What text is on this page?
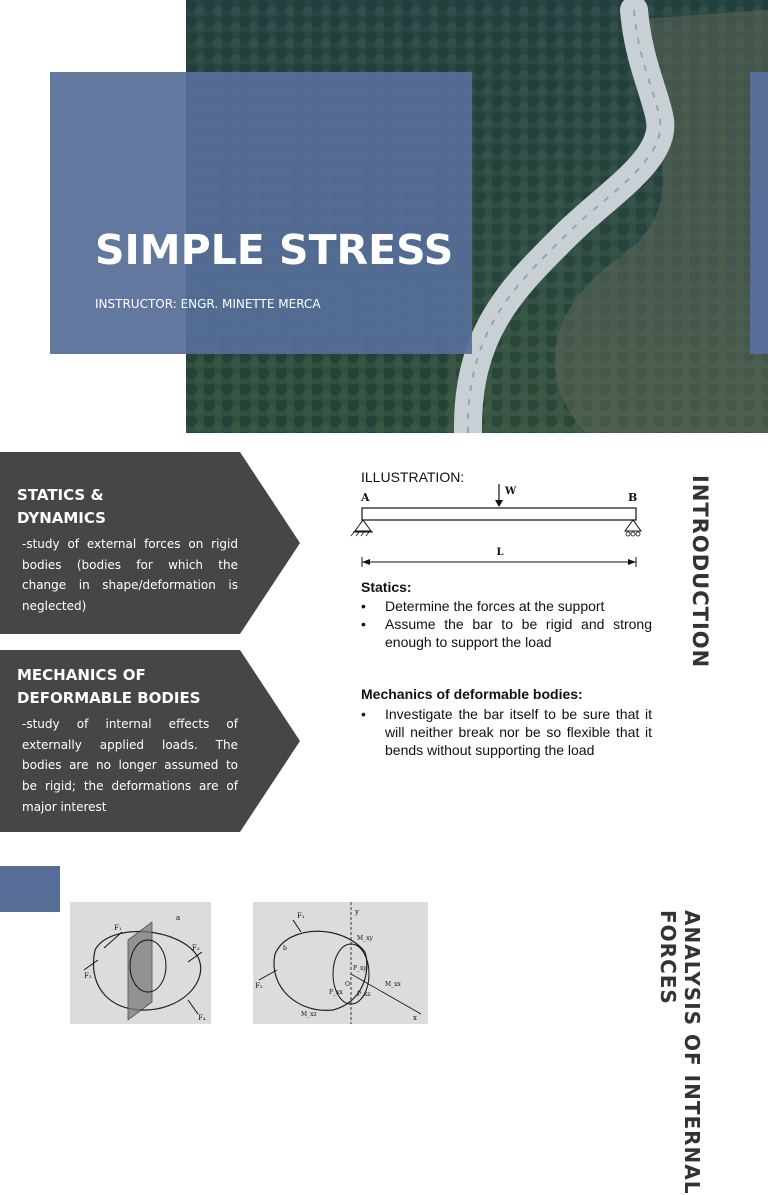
SIMPLE STRESS
INSTRUCTOR: ENGR. MINETTE MERCA
STATICS &
DYNAMICS
-study of external forces on rigid bodies (bodies for which the change in shape/deformation is neglected)
MECHANICS OF
DEFORMABLE BODIES
-study of internal effects of externally applied loads. The bodies are no longer assumed to be rigid; the deformations are of major interest
ILLUSTRATION:
A	B
W
L
Statics:
• Determine the forces at the support
• Assume the bar to be rigid and strong enough to support the load
Mechanics of deformable bodies:
• Investigate the bar itself to be sure that it will neither break nor be so flexible that it bends without supporting the load
INTRODUCTION
F₁
F₂
F₃
F₄
a
y
x
F₁
F₂
M_xy
P_xy
P_xx
O	M_xx
P_xz
M_xz
b	ANALYSIS OF INTERNAL
FORCES
